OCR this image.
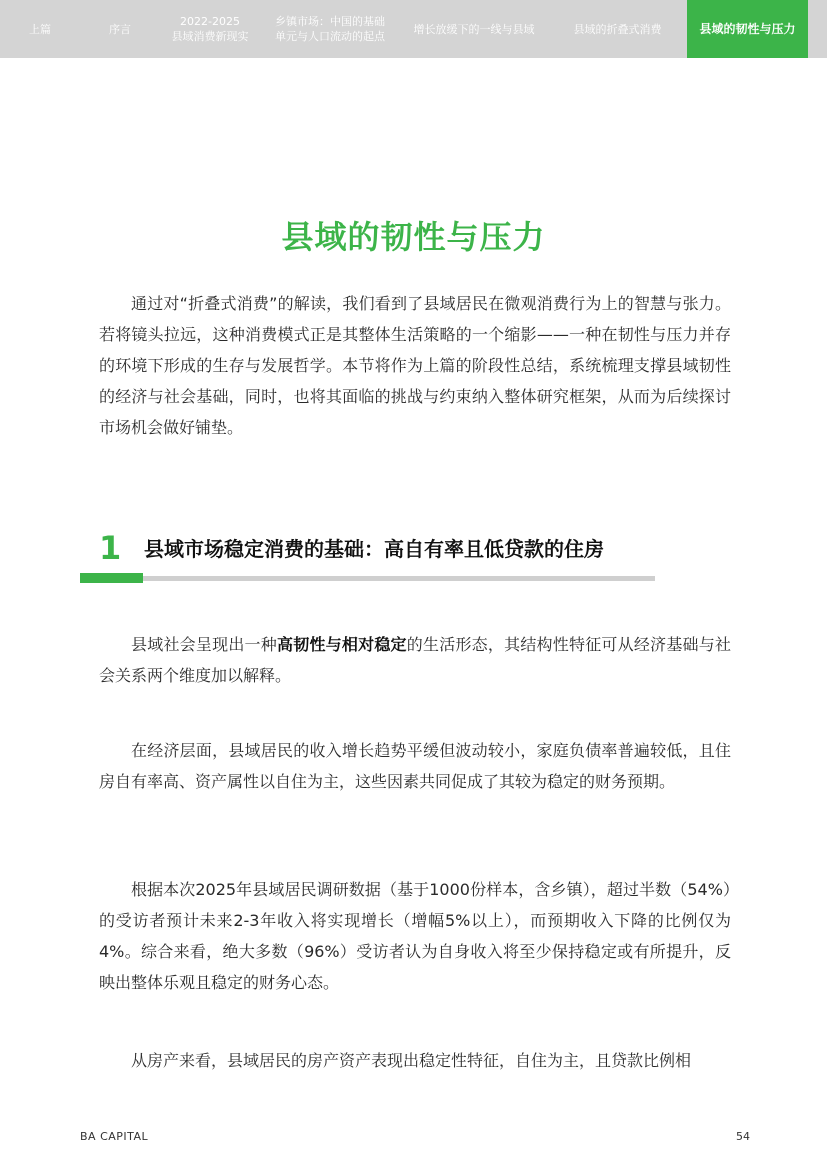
上篇	序言
2022-2025
县域消费新现实
乡镇市场：中国的基础
单元与人口流动的起点
增长放缓下的一线与县域	县域的折叠式消费	县域的韧性与压力
县域的韧性与压力

通过对“折叠式消费”的解读，我们看到了县域居民在微观消费行为上的智慧与张力。若将镜头拉远，这种消费模式正是其整体生活策略的一个缩影——一种在韧性与压力并存的环境下形成的生存与发展哲学。本节将作为上篇的阶段性总结，系统梳理支撑县域韧性的经济与社会基础，同时，也将其面临的挑战与约束纳入整体研究框架，从而为后续探讨市场机会做好铺垫。

1 县域市场稳定消费的基础：高自有率且低贷款的住房

县域社会呈现出一种高韧性与相对稳定的生活形态，其结构性特征可从经济基础与社会关系两个维度加以解释。

在经济层面，县域居民的收入增长趋势平缓但波动较小，家庭负债率普遍较低，且住房自有率高、资产属性以自住为主，这些因素共同促成了其较为稳定的财务预期。

根据本次2025年县域居民调研数据（基于1000份样本，含乡镇），超过半数（54%）的受访者预计未来2-3年收入将实现增长（增幅5%以上），而预期收入下降的比例仅为4%。综合来看，绝大多数（96%）受访者认为自身收入将至少保持稳定或有所提升，反映出整体乐观且稳定的财务心态。

从房产来看，县域居民的房产资产表现出稳定性特征，自住为主，且贷款比例相

BA CAPITAL	54
